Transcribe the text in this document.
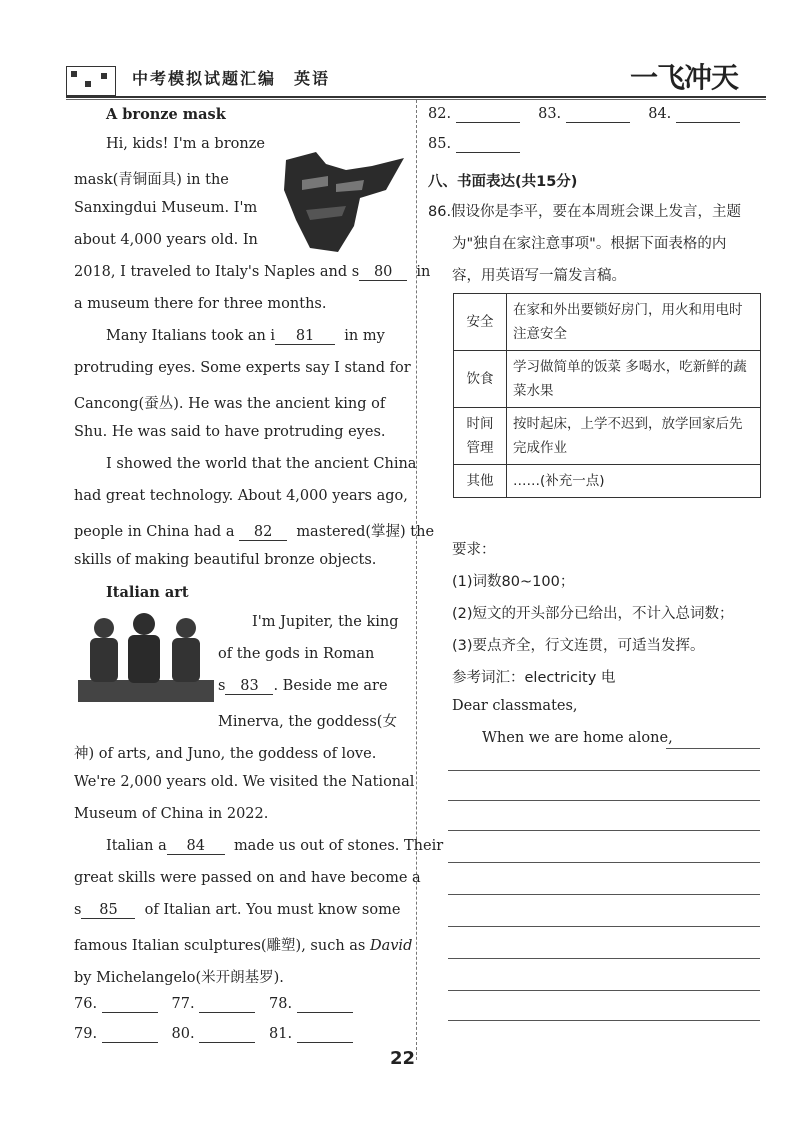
中考模拟试题汇编　英语	一飞冲天
A bronze mask
Hi, kids! I'm a bronze
mask(青铜面具) in the
Sanxingdui Museum. I'm
about 4,000 years old. In
2018, I traveled to Italy's Naples and s 80 in
a museum there for three months.
Many Italians took an i 81 in my
protruding eyes. Some experts say I stand for
Cancong(蚕丛). He was the ancient king of
Shu. He was said to have protruding eyes.
I showed the world that the ancient China
had great technology. About 4,000 years ago,
people in China had a 82 mastered(掌握) the
skills of making beautiful bronze objects.
Italian art
I'm Jupiter, the king
of the gods in Roman
s 83 . Beside me are
Minerva, the goddess(女
神) of arts, and Juno, the goddess of love.
We're 2,000 years old. We visited the National
Museum of China in 2022.
Italian a 84 made us out of stones. Their
great skills were passed on and have become a
s 85 of Italian art. You must know some
famous Italian sculptures(雕塑), such as David
by Michelangelo(米开朗基罗).
76.	77.	78.
79.	80.	81.
82.	83.	84.
85.
八、书面表达(共15分)
86.假设你是李平，要在本周班会课上发言，主题
为"独自在家注意事项"。根据下面表格的内
容，用英语写一篇发言稿。
安全	在家和外出要锁好房门，用火和用电时注意安全
饮食	学习做简单的饭菜 多喝水，吃新鲜的蔬菜水果
时间管理	按时起床，上学不迟到，放学回家后先完成作业
其他	……(补充一点)
要求：
(1)词数80~100；
(2)短文的开头部分已给出，不计入总词数；
(3)要点齐全，行文连贯，可适当发挥。
参考词汇：electricity 电
Dear classmates,
When we are home alone,
22
